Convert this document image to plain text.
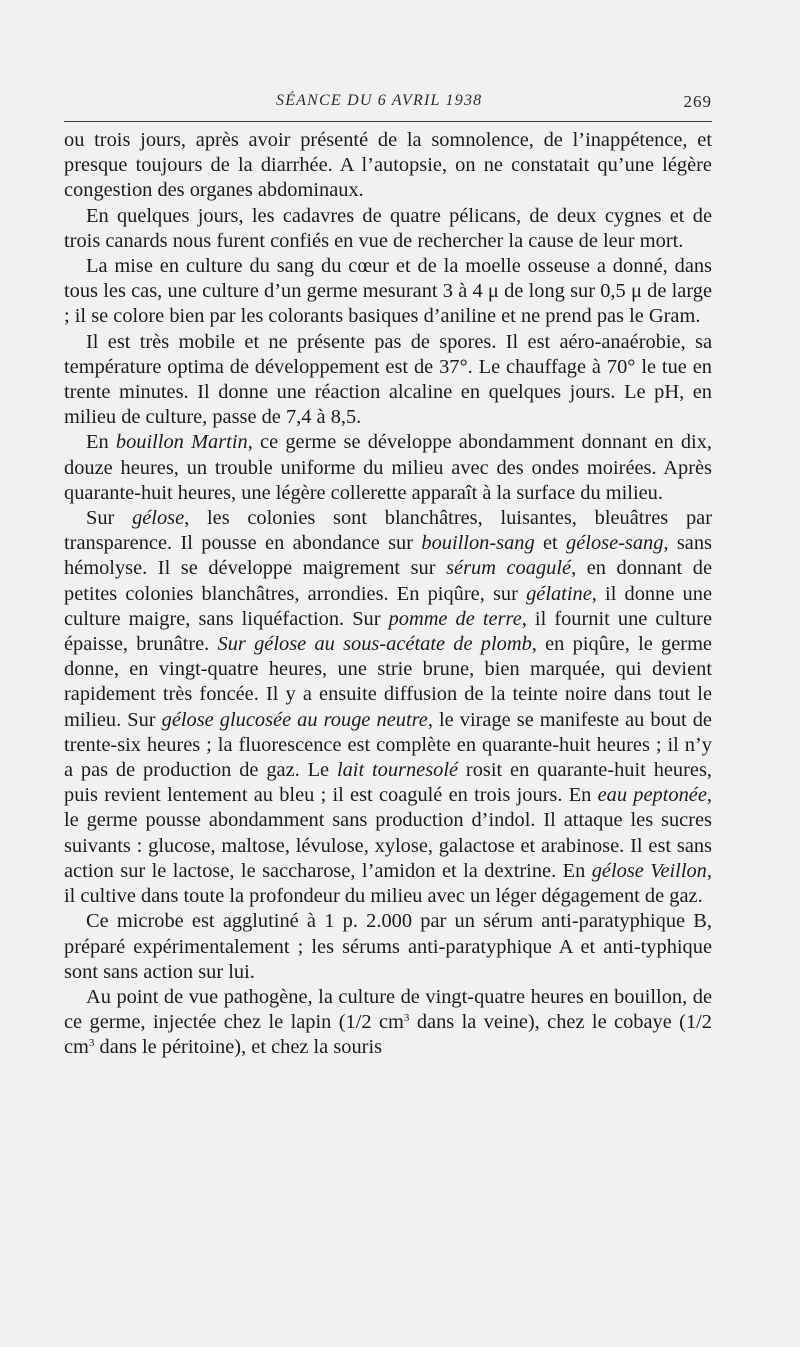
SÉANCE DU 6 AVRIL 1938	269

ou trois jours, après avoir présenté de la somnolence, de l’inappétence, et presque toujours de la diarrhée. A l’autopsie, on ne constatait qu’une légère congestion des organes abdominaux.

En quelques jours, les cadavres de quatre pélicans, de deux cygnes et de trois canards nous furent confiés en vue de rechercher la cause de leur mort.

La mise en culture du sang du cœur et de la moelle osseuse a donné, dans tous les cas, une culture d’un germe mesurant 3 à 4 μ de long sur 0,5 μ de large ; il se colore bien par les colorants basiques d’aniline et ne prend pas le Gram.

Il est très mobile et ne présente pas de spores. Il est aéro-anaérobie, sa température optima de développement est de 37°. Le chauffage à 70° le tue en trente minutes. Il donne une réaction alcaline en quelques jours. Le pH, en milieu de culture, passe de 7,4 à 8,5.

En bouillon Martin, ce germe se développe abondamment donnant en dix, douze heures, un trouble uniforme du milieu avec des ondes moirées. Après quarante-huit heures, une légère collerette apparaît à la surface du milieu.

Sur gélose, les colonies sont blanchâtres, luisantes, bleuâtres par transparence. Il pousse en abondance sur bouillon-sang et gélose-sang, sans hémolyse. Il se développe maigrement sur sérum coagulé, en donnant de petites colonies blanchâtres, arrondies. En piqûre, sur gélatine, il donne une culture maigre, sans liquéfaction. Sur pomme de terre, il fournit une culture épaisse, brunâtre. Sur gélose au sous-acétate de plomb, en piqûre, le germe donne, en vingt-quatre heures, une strie brune, bien marquée, qui devient rapidement très foncée. Il y a ensuite diffusion de la teinte noire dans tout le milieu. Sur gélose glucosée au rouge neutre, le virage se manifeste au bout de trente-six heures ; la fluorescence est complète en quarante-huit heures ; il n’y a pas de production de gaz. Le lait tournesolé rosit en quarante-huit heures, puis revient lentement au bleu ; il est coagulé en trois jours. En eau peptonée, le germe pousse abondamment sans production d’indol. Il attaque les sucres suivants : glucose, maltose, lévulose, xylose, galactose et arabinose. Il est sans action sur le lactose, le saccharose, l’amidon et la dextrine. En gélose Veillon, il cultive dans toute la profondeur du milieu avec un léger dégagement de gaz.

Ce microbe est agglutiné à 1 p. 2.000 par un sérum anti-paratyphique B, préparé expérimentalement ; les sérums anti-paratyphique A et anti-typhique sont sans action sur lui.

Au point de vue pathogène, la culture de vingt-quatre heures en bouillon, de ce germe, injectée chez le lapin (1/2 $cm^3$ dans la veine), chez le cobaye (1/2 $cm^3$ dans le péritoine), et chez la souris
